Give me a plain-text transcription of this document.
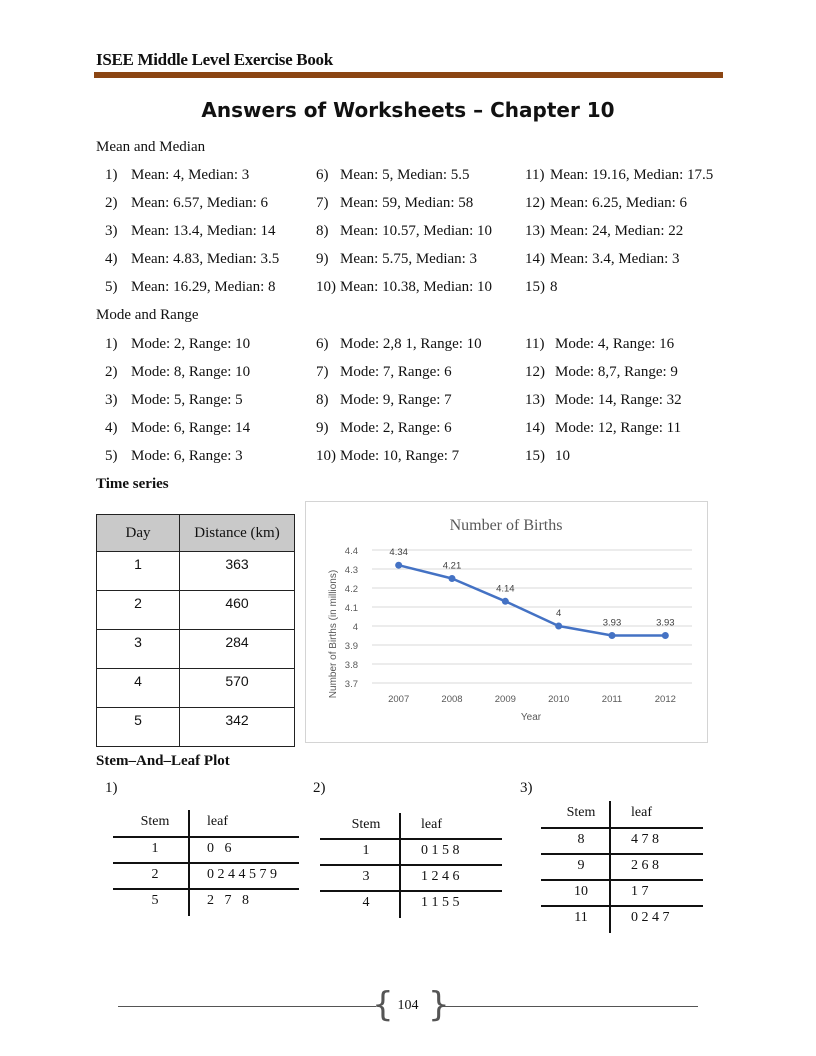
ISEE Middle Level Exercise Book
Answers of Worksheets – Chapter 10
Mean and Median
1) Mean: 4, Median: 3
2) Mean: 6.57, Median: 6
3) Mean: 13.4, Median: 14
4) Mean: 4.83, Median: 3.5
5) Mean: 16.29, Median: 8
6) Mean: 5, Median: 5.5
7) Mean: 59, Median: 58
8) Mean: 10.57, Median: 10
9) Mean: 5.75, Median: 3
10) Mean: 10.38, Median: 10
11) Mean: 19.16, Median: 17.5
12) Mean: 6.25, Median: 6
13) Mean: 24, Median: 22
14) Mean: 3.4, Median: 3
15) 8
Mode and Range
1) Mode: 2, Range: 10
2) Mode: 8, Range: 10
3) Mode: 5, Range: 5
4) Mode: 6, Range: 14
5) Mode: 6, Range: 3
6) Mode: 2,8 1, Range: 10
7) Mode: 7, Range: 6
8) Mode: 9, Range: 7
9) Mode: 2, Range: 6
10) Mode: 10, Range: 7
11) Mode: 4, Range: 16
12) Mode: 8,7, Range: 9
13) Mode: 14, Range: 32
14) Mode: 12, Range: 11
15) 10
Time series
Day	Distance (km)
1	363
2	460
3	284
4	570
5	342
Number of Births
4.4
4.3
4.2
4.1
4
3.9
3.8
3.7
2007	2008	2009	2010	2011	2012
Year
Number of Births (in millions)
4.34
4.21
4.14
4
3.93	3.93
Stem–And–Leaf Plot
1)
Stem	leaf
1	0   6
2	0 2 4 4 5 7 9
5	2   7   8
2)
Stem	leaf
1	0 1 5 8
3	1 2 4 6
4	1 1 5 5
3)
Stem	leaf
8	4 7 8
9	2 6 8
10	1 7
11	0 2 4 7
{ }
104
